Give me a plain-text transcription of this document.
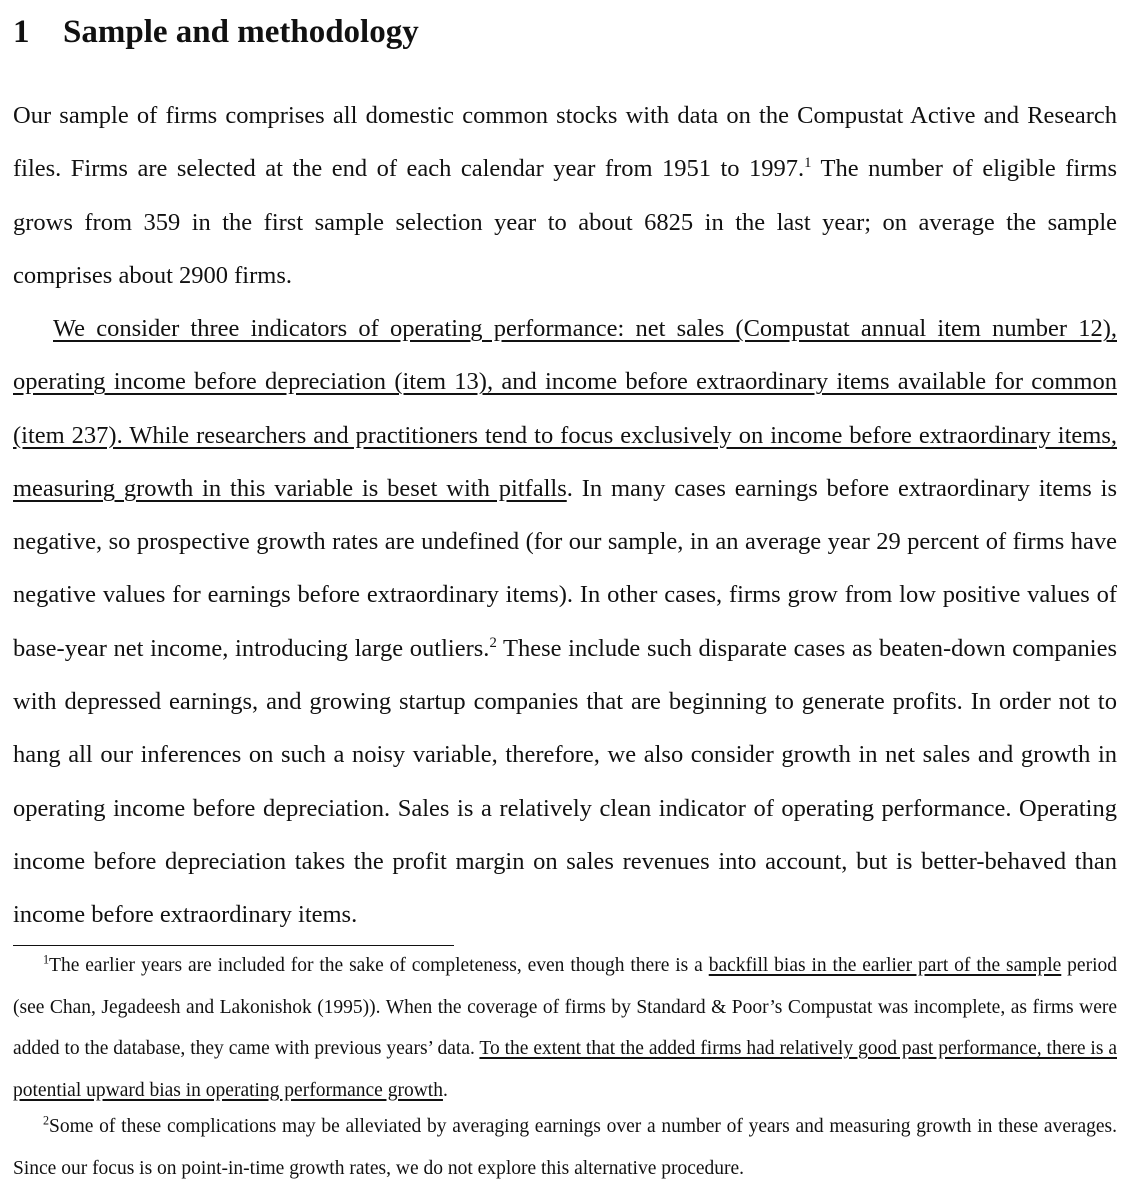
1 Sample and methodology

Our sample of firms comprises all domestic common stocks with data on the Compustat Active and Research files. Firms are selected at the end of each calendar year from 1951 to 1997.$^1$ The number of eligible firms grows from 359 in the first sample selection year to about 6825 in the last year; on average the sample comprises about 2900 firms.

We consider three indicators of operating performance: net sales (Compustat annual item number 12), operating income before depreciation (item 13), and income before extraordinary items available for common (item 237). While researchers and practitioners tend to focus exclusively on income before extraordinary items, measuring growth in this variable is beset with pitfalls. In many cases earnings before extraordinary items is negative, so prospective growth rates are undefined (for our sample, in an average year 29 percent of firms have negative values for earnings before extraordinary items). In other cases, firms grow from low positive values of base-year net income, introducing large outliers.$^2$ These include such disparate cases as beaten-down companies with depressed earnings, and growing startup companies that are beginning to generate profits. In order not to hang all our inferences on such a noisy variable, therefore, we also consider growth in net sales and growth in operating income before depreciation. Sales is a relatively clean indicator of operating performance. Operating income before depreciation takes the profit margin on sales revenues into account, but is better-behaved than income before extraordinary items.

$^1$The earlier years are included for the sake of completeness, even though there is a backfill bias in the earlier part of the sample period (see Chan, Jegadeesh and Lakonishok (1995)). When the coverage of firms by Standard & Poor’s Compustat was incomplete, as firms were added to the database, they came with previous years’ data. To the extent that the added firms had relatively good past performance, there is a potential upward bias in operating performance growth.

$^2$Some of these complications may be alleviated by averaging earnings over a number of years and measuring growth in these averages. Since our focus is on point-in-time growth rates, we do not explore this alternative procedure.
